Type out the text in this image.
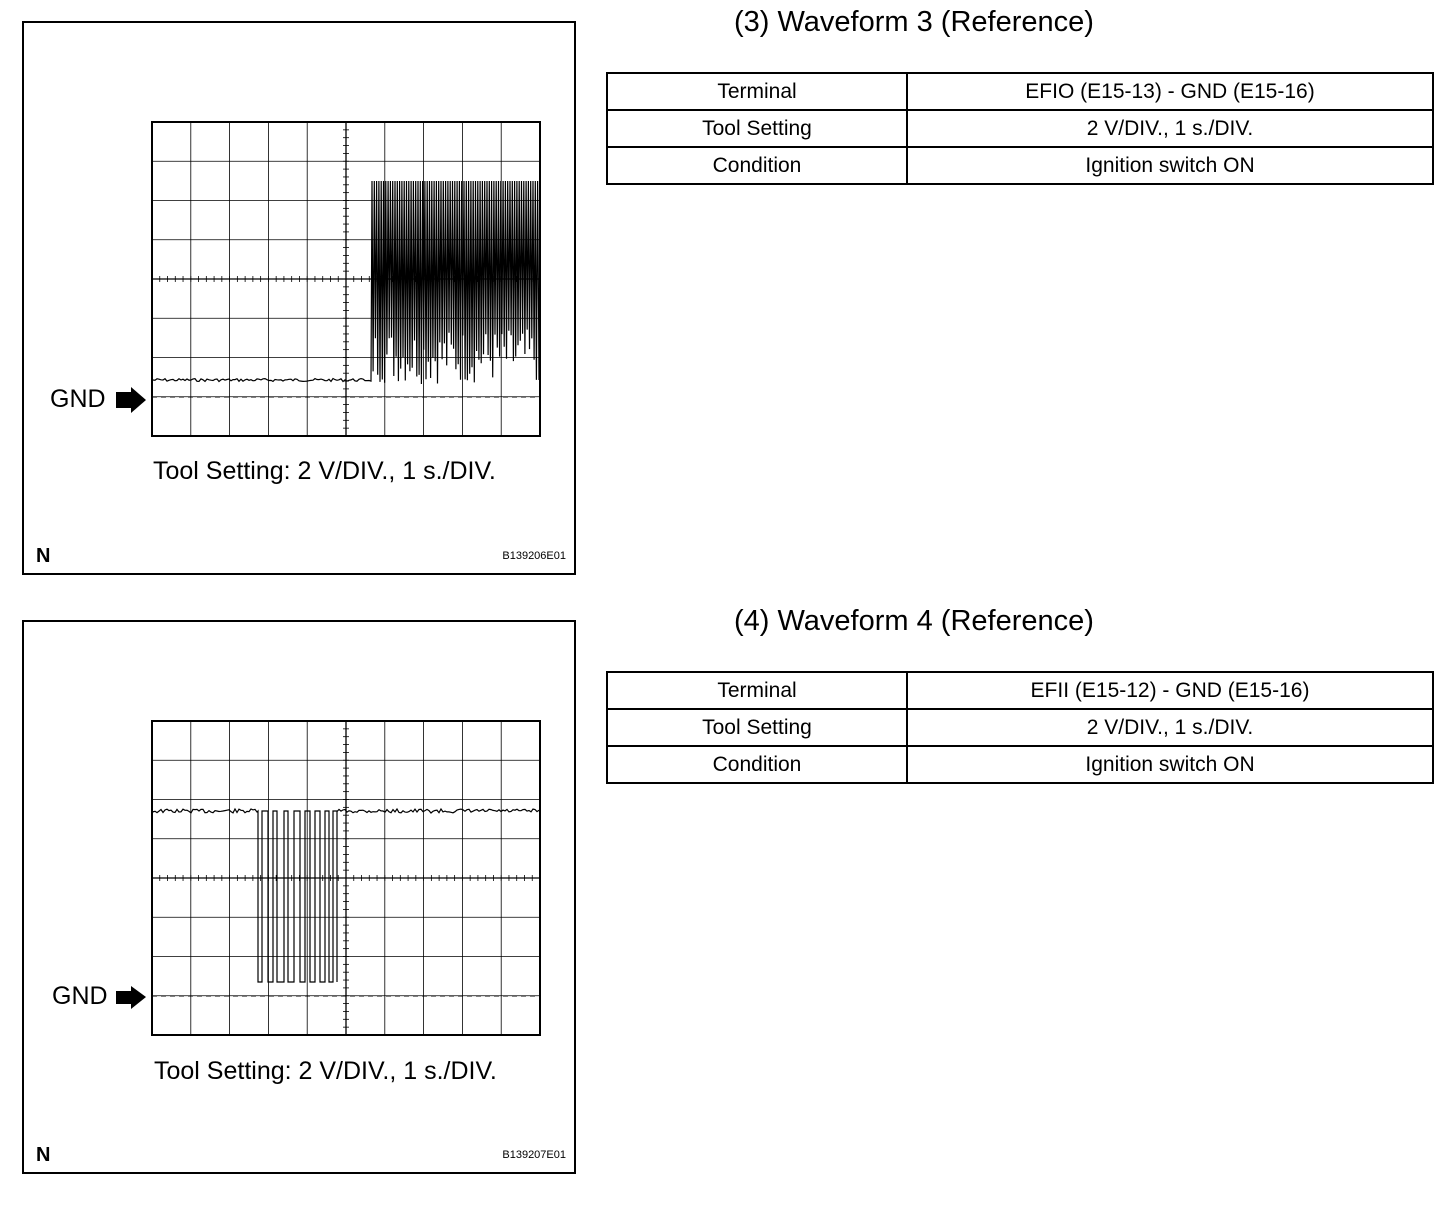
GND
Tool Setting: 2 V/DIV., 1 s./DIV.
N	B139206E01
(3) Waveform 3 (Reference)
Terminal	EFIO (E15-13) - GND (E15-16)
Tool Setting	2 V/DIV., 1 s./DIV.
Condition	Ignition switch ON
GND
Tool Setting: 2 V/DIV., 1 s./DIV.
N	B139207E01
(4) Waveform 4 (Reference)
Terminal	EFII (E15-12) - GND (E15-16)
Tool Setting	2 V/DIV., 1 s./DIV.
Condition	Ignition switch ON
